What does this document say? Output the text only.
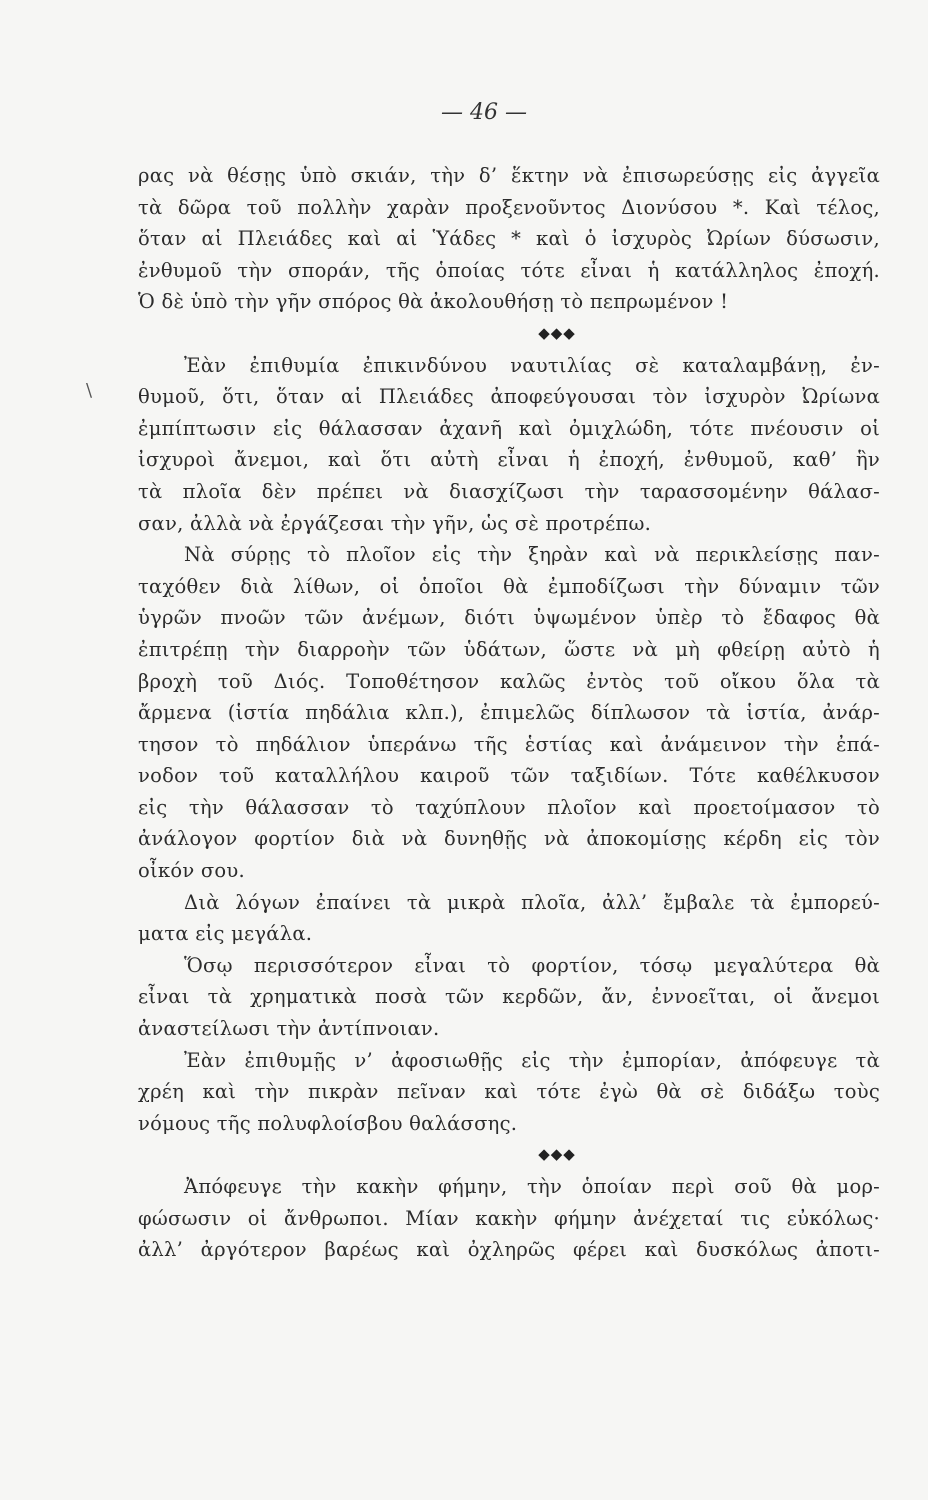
— 46 —
\
ρας νὰ θέσῃς ὑπὸ σκιάν, τὴν δ’ ἕκτην νὰ ἐπισωρεύσῃς εἰς ἀγγεῖα
τὰ δῶρα τοῦ πολλὴν χαρὰν προξενοῦντος Διονύσου *. Καὶ τέλος,
ὅταν αἱ Πλειάδες καὶ αἱ Ὑάδες * καὶ ὁ ἰσχυρὸς Ὠρίων δύσωσιν,
ἐνθυμοῦ τὴν σποράν, τῆς ὁποίας τότε εἶναι ἡ κατάλληλος ἐποχή.
Ὁ δὲ ὑπὸ τὴν γῆν σπόρος θὰ ἀκολουθήσῃ τὸ πεπρωμένον !
◆◆◆
Ἐὰν ἐπιθυμία ἐπικινδύνου ναυτιλίας σὲ καταλαμβάνῃ, ἐν-
θυμοῦ, ὅτι, ὅταν αἱ Πλειάδες ἀποφεύγουσαι τὸν ἰσχυρὸν Ὠρίωνα
ἐμπίπτωσιν εἰς θάλασσαν ἀχανῆ καὶ ὀμιχλώδη, τότε πνέουσιν οἱ
ἰσχυροὶ ἄνεμοι, καὶ ὅτι αὐτὴ εἶναι ἡ ἐποχή, ἐνθυμοῦ, καθ’ ἣν
τὰ πλοῖα δὲν πρέπει νὰ διασχίζωσι τὴν ταρασσομένην θάλασ-
σαν, ἀλλὰ νὰ ἐργάζεσαι τὴν γῆν, ὡς σὲ προτρέπω.
Νὰ σύρῃς τὸ πλοῖον εἰς τὴν ξηρὰν καὶ νὰ περικλείσῃς παν-
ταχόθεν διὰ λίθων, οἱ ὁποῖοι θὰ ἐμποδίζωσι τὴν δύναμιν τῶν
ὑγρῶν πνοῶν τῶν ἀνέμων, διότι ὑψωμένον ὑπὲρ τὸ ἔδαφος θὰ
ἐπιτρέπῃ τὴν διαρροὴν τῶν ὑδάτων, ὥστε νὰ μὴ φθείρῃ αὐτὸ ἡ
βροχὴ τοῦ Διός. Τοποθέτησον καλῶς ἐντὸς τοῦ οἴκου ὅλα τὰ
ἄρμενα (ἱστία πηδάλια κλπ.), ἐπιμελῶς δίπλωσον τὰ ἱστία, ἀνάρ-
τησον τὸ πηδάλιον ὑπεράνω τῆς ἑστίας καὶ ἀνάμεινον τὴν ἐπά-
νοδον τοῦ καταλλήλου καιροῦ τῶν ταξιδίων. Τότε καθέλκυσον
εἰς τὴν θάλασσαν τὸ ταχύπλουν πλοῖον καὶ προετοίμασον τὸ
ἀνάλογον φορτίον διὰ νὰ δυνηθῇς νὰ ἀποκομίσῃς κέρδη εἰς τὸν
οἶκόν σου.
Διὰ λόγων ἐπαίνει τὰ μικρὰ πλοῖα, ἀλλ’ ἔμβαλε τὰ ἐμπορεύ-
ματα εἰς μεγάλα.
Ὅσῳ περισσότερον εἶναι τὸ φορτίον, τόσῳ μεγαλύτερα θὰ
εἶναι τὰ χρηματικὰ ποσὰ τῶν κερδῶν, ἄν, ἐννοεῖται, οἱ ἄνεμοι
ἀναστείλωσι τὴν ἀντίπνοιαν.
Ἐὰν ἐπιθυμῇς ν’ ἀφοσιωθῇς εἰς τὴν ἐμπορίαν, ἀπόφευγε τὰ
χρέη καὶ τὴν πικρὰν πεῖναν καὶ τότε ἐγὼ θὰ σὲ διδάξω τοὺς
νόμους τῆς πολυφλοίσβου θαλάσσης.
◆◆◆
Ἀπόφευγε τὴν κακὴν φήμην, τὴν ὁποίαν περὶ σοῦ θὰ μορ-
φώσωσιν οἱ ἄνθρωποι. Μίαν κακὴν φήμην ἀνέχεταί τις εὐκόλως·
ἀλλ’ ἀργότερον βαρέως καὶ ὀχληρῶς φέρει καὶ δυσκόλως ἀποτι-
